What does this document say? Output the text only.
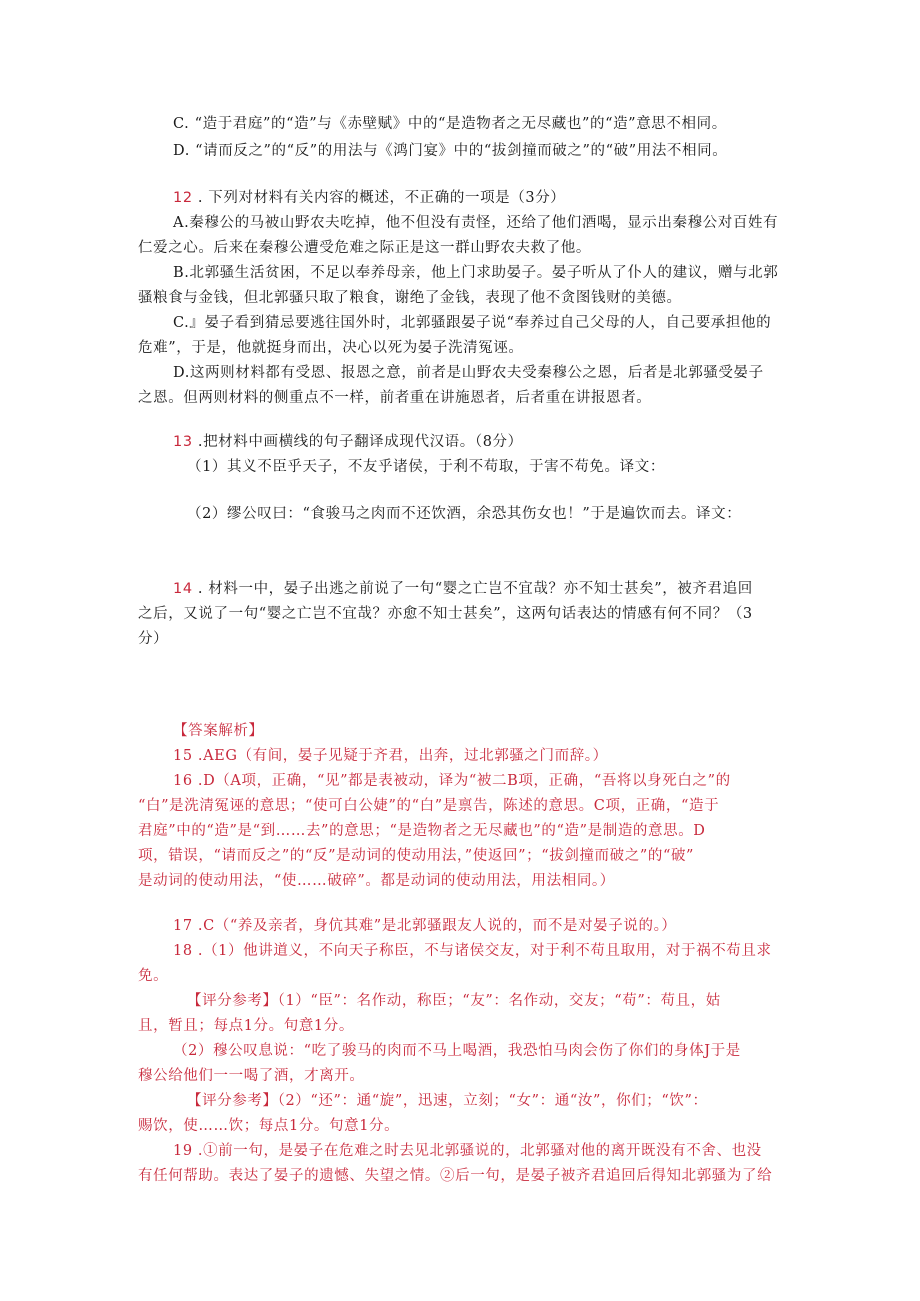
C. “造于君庭”的“造”与《赤壁赋》中的“是造物者之无尽藏也”的“造”意思不相同。
D. “请而反之”的“反”的用法与《鸿门宴》中的“拔剑撞而破之”的“破”用法不相同。
12 . 下列对材料有关内容的概述，不正确的一项是（3分）
A.秦穆公的马被山野农夫吃掉，他不但没有责怪，还给了他们酒喝，显示出秦穆公对百姓有
仁爱之心。后来在秦穆公遭受危难之际正是这一群山野农夫救了他。
B.北郭骚生活贫困，不足以奉养母亲，他上门求助晏子。晏子听从了仆人的建议，赠与北郭
骚粮食与金钱，但北郭骚只取了粮食，谢绝了金钱，表现了他不贪图钱财的美德。
C.』晏子看到猜忌要逃往国外时，北郭骚跟晏子说“奉养过自己父母的人，自己要承担他的
危难”，于是，他就挺身而出，决心以死为晏子洗清冤诬。
D.这两则材料都有受恩、报恩之意，前者是山野农夫受秦穆公之恩，后者是北郭骚受晏子
之恩。但两则材料的侧重点不一样，前者重在讲施恩者，后者重在讲报恩者。
13 .把材料中画横线的句子翻译成现代汉语。（8分）
（1）其义不臣乎天子，不友乎诸侯，于利不苟取，于害不苟免。译文：
（2）缪公叹曰：“食骏马之肉而不还饮酒，余恐其伤女也！”于是遍饮而去。译文：
14 . 材料一中，晏子出逃之前说了一句“婴之亡岂不宜哉？亦不知士甚矣”，被齐君追回
之后，又说了一句“婴之亡岂不宜哉？亦愈不知士甚矣”，这两句话表达的情感有何不同？（3
分）
【答案解析】
15 .AEG（有间，晏子见疑于齐君，出奔，过北郭骚之门而辞。）
16 .D（A项，正确，“见”都是表被动，译为“被二B项，正确，“吾将以身死白之”的
“白”是洗清冤诬的意思；“使可白公婕”的“白”是禀告，陈述的意思。C项，正确，“造于
君庭”中的“造”是“到……去”的意思；“是造物者之无尽藏也”的“造”是制造的意思。D
项，错误，“请而反之”的“反”是动词的使动用法，”使返回”；“拔剑撞而破之”的“破”
是动词的使动用法，“使……破碎”。都是动词的使动用法，用法相同。）
17 .C（“养及亲者，身伉其难”是北郭骚跟友人说的，而不是对晏子说的。）
18 .（1）他讲道义，不向天子称臣，不与诸侯交友，对于利不苟且取用，对于祸不苟且求
免。
【评分参考】（1）“臣”：名作动，称臣；“友”：名作动，交友；“苟”：苟且，姑
且，暂且；每点1分。句意1分。
（2）穆公叹息说：“吃了骏马的肉而不马上喝酒，我恐怕马肉会伤了你们的身体J于是
穆公给他们一一喝了酒，才离开。
【评分参考】（2）“还”：通“旋”，迅速，立刻；“女”：通“汝”，你们；“饮”：
赐饮，使……饮；每点1分。句意1分。
19 .①前一句，是晏子在危难之时去见北郭骚说的，北郭骚对他的离开既没有不舍、也没
有任何帮助。表达了晏子的遗憾、失望之情。②后一句，是晏子被齐君追回后得知北郭骚为了给
